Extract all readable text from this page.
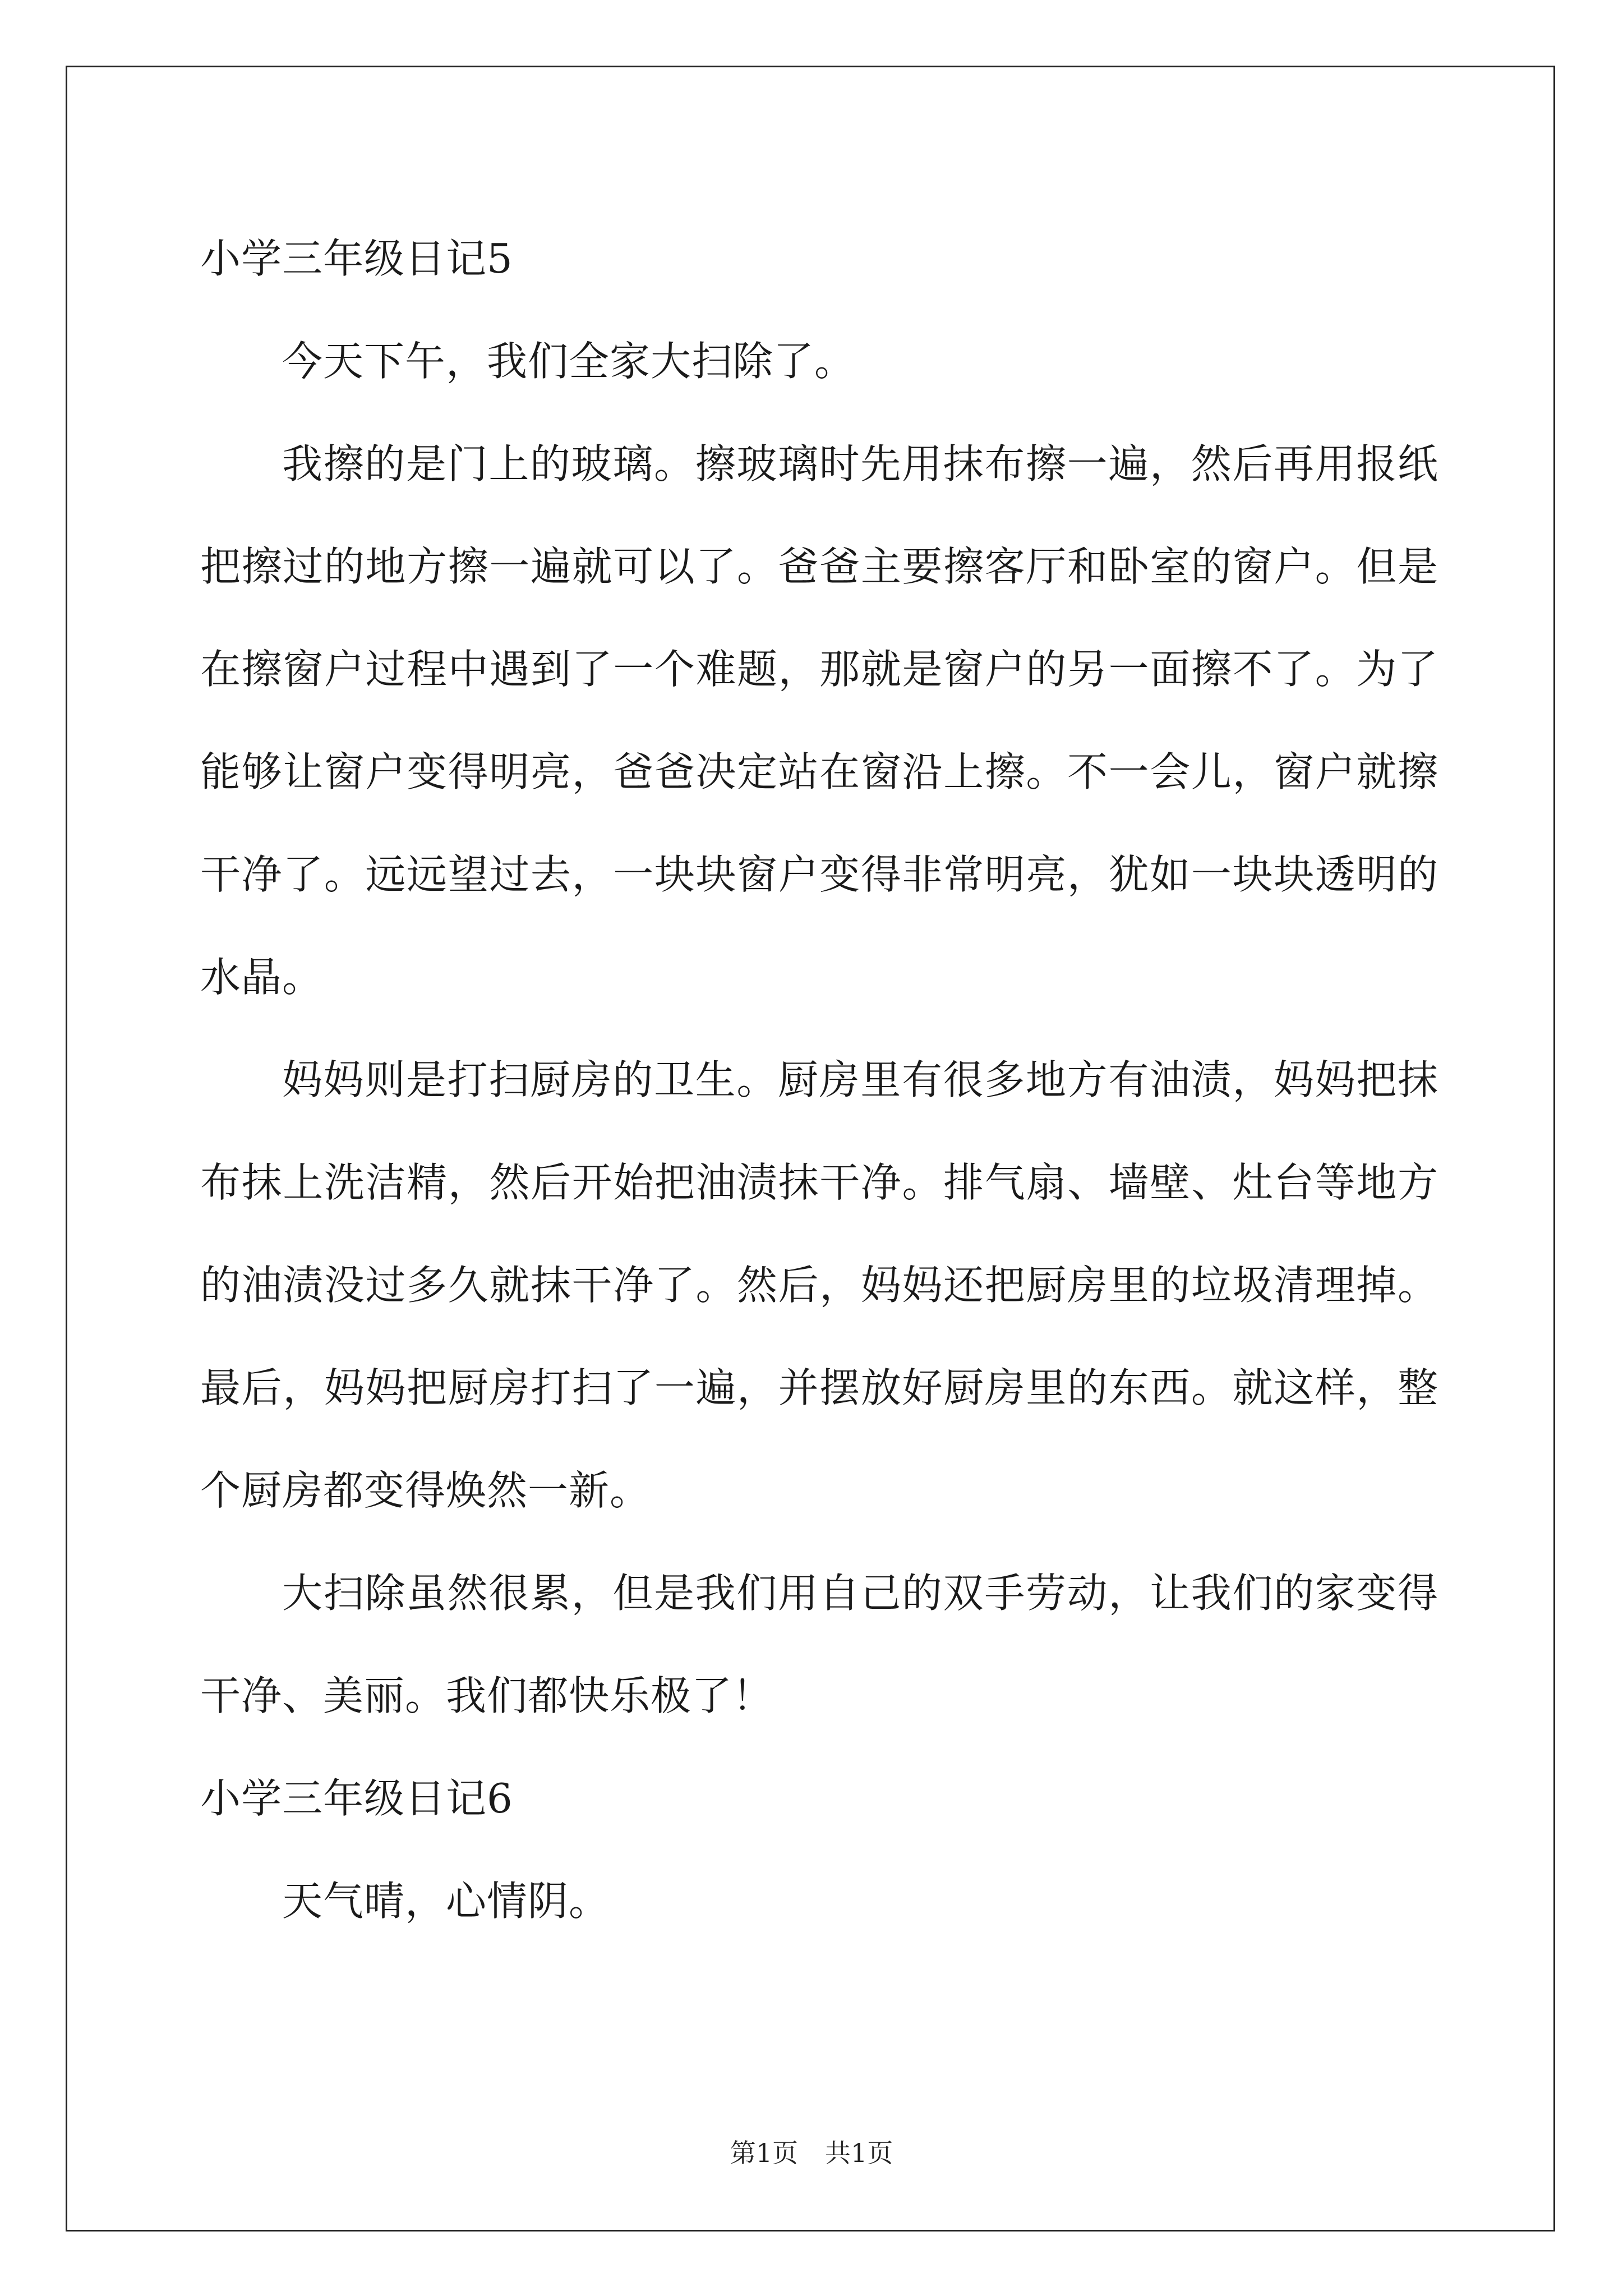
小学三年级日记5
今天下午，我们全家大扫除了。
我擦的是门上的玻璃。擦玻璃时先用抹布擦一遍，然后再用报纸
把擦过的地方擦一遍就可以了。爸爸主要擦客厅和卧室的窗户。但是
在擦窗户过程中遇到了一个难题，那就是窗户的另一面擦不了。为了
能够让窗户变得明亮，爸爸决定站在窗沿上擦。不一会儿，窗户就擦
干净了。远远望过去，一块块窗户变得非常明亮，犹如一块块透明的
水晶。
妈妈则是打扫厨房的卫生。厨房里有很多地方有油渍，妈妈把抹
布抹上洗洁精，然后开始把油渍抹干净。排气扇、墙壁、灶台等地方
的油渍没过多久就抹干净了。然后，妈妈还把厨房里的垃圾清理掉。
最后，妈妈把厨房打扫了一遍，并摆放好厨房里的东西。就这样，整
个厨房都变得焕然一新。
大扫除虽然很累，但是我们用自己的双手劳动，让我们的家变得
干净、美丽。我们都快乐极了！
小学三年级日记6
天气晴，心情阴。
第1页 共1页
